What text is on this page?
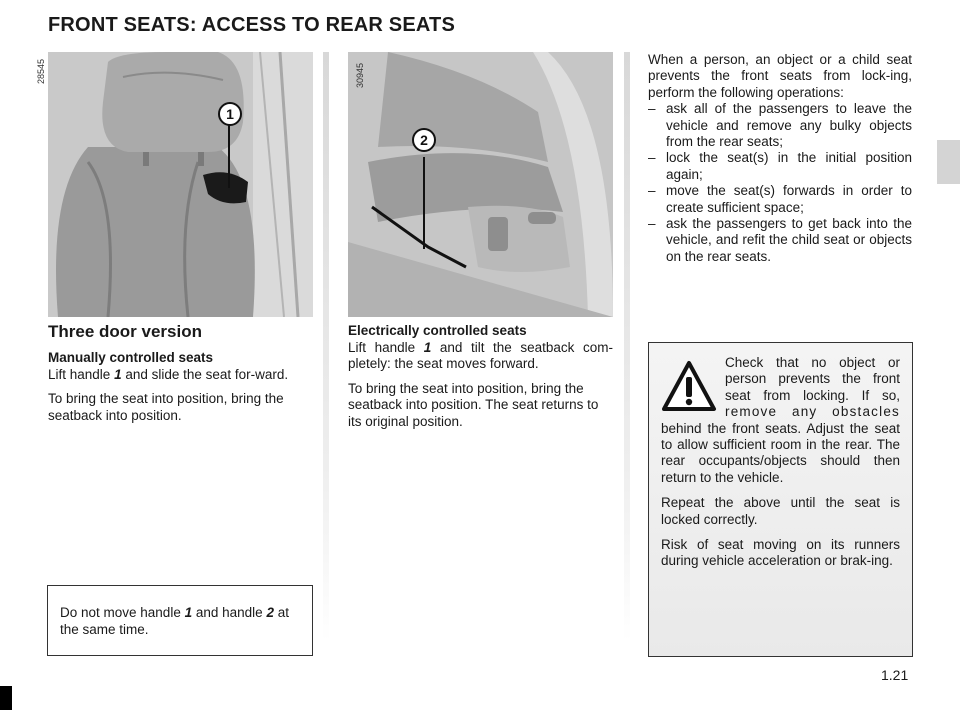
FRONT SEATS: ACCESS TO REAR SEATS
1
28545
2
30945
Three door version

Manually controlled seats
Lift handle 1 and slide the seat for-ward.

To bring the seat into position, bring the seatback into position.

Electrically controlled seats
Lift handle 1 and tilt the seatback com-pletely: the seat moves forward.

To bring the seat into position, bring the seatback into position. The seat returns to its original position.

Do not move handle 1 and handle 2 at the same time.

When a person, an object or a child seat prevents the front seats from lock-ing, perform the following operations:

– ask all of the passengers to leave the vehicle and remove any bulky objects from the rear seats;
– lock the seat(s) in the initial position again;
– move the seat(s) forwards in order to create sufficient space;
– ask the passengers to get back into the vehicle, and refit the child seat or objects on the rear seats.

Check that no object or person prevents the front seat from locking. If so, remove any obstacles behind the front seats. Adjust the seat to allow sufficient room in the rear. The rear occupants/objects should then return to the vehicle.

Repeat the above until the seat is locked correctly.

Risk of seat moving on its runners during vehicle acceleration or brak-ing.

1.21
